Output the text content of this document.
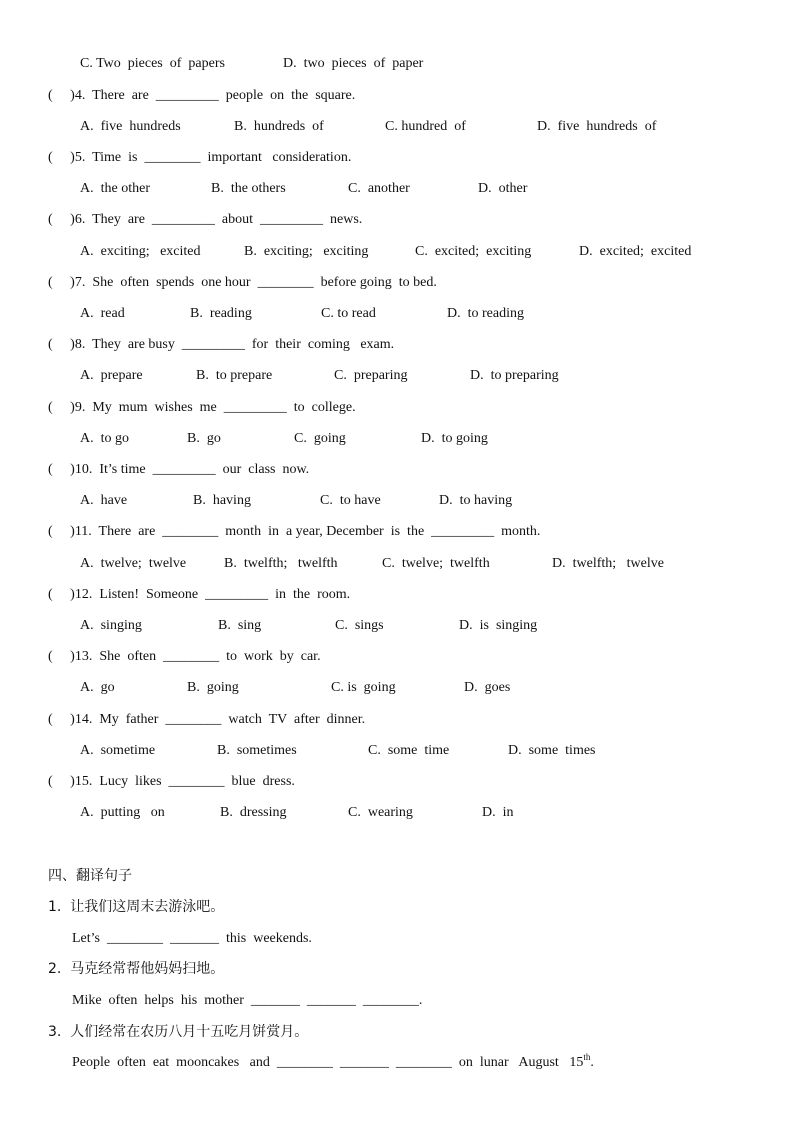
C. Two  pieces  of  papers	D.  two  pieces  of  paper
(     )4.  There  are  _________  people  on  the  square.
A.  five  hundreds	B.  hundreds  of	C. hundred  of	D.  five  hundreds  of
(     )5.  Time  is  ________  important   consideration.
A.  the other	B.  the others	C.  another	D.  other
(     )6.  They  are  _________  about  _________  news.
A.  exciting;   excited	B.  exciting;   exciting	C.  excited;  exciting	D.  excited;  excited
(     )7.  She  often  spends  one hour  ________  before going  to bed.
A.  read	B.  reading	C. to read	D.  to reading
(     )8.  They  are busy  _________  for  their  coming   exam.
A.  prepare	B.  to prepare	C.  preparing	D.  to preparing
(     )9.  My  mum  wishes  me  _________  to  college.
A.  to go	B.  go	C.  going	D.  to going
(     )10.  It’s time  _________  our  class  now.
A.  have	B.  having	C.  to have	D.  to having
(     )11.  There  are  ________  month  in  a year, December  is  the  _________  month.
A.  twelve;  twelve	B.  twelfth;   twelfth	C.  twelve;  twelfth	D.  twelfth;   twelve
(     )12.  Listen!  Someone  _________  in  the  room.
A.  singing	B.  sing	C.  sings	D.  is  singing
(     )13.  She  often  ________  to  work  by  car.
A.  go	B.  going	C. is  going	D.  goes
(     )14.  My  father  ________  watch  TV  after  dinner.
A.  sometime	B.  sometimes	C.  some  time	D.  some  times
(     )15.  Lucy  likes  ________  blue  dress.
A.  putting   on	B.  dressing	C.  wearing	D.  in
四、翻译句子
1.  让我们这周末去游泳吧。
Let’s  ________  _______  this  weekends.
2.  马克经常帮他妈妈扫地。
Mike  often  helps  his  mother  _______  _______  ________.
3.  人们经常在农历八月十五吃月饼赏月。
People  often  eat  mooncakes   and  ________  _______  ________  on  lunar   August   15th.
